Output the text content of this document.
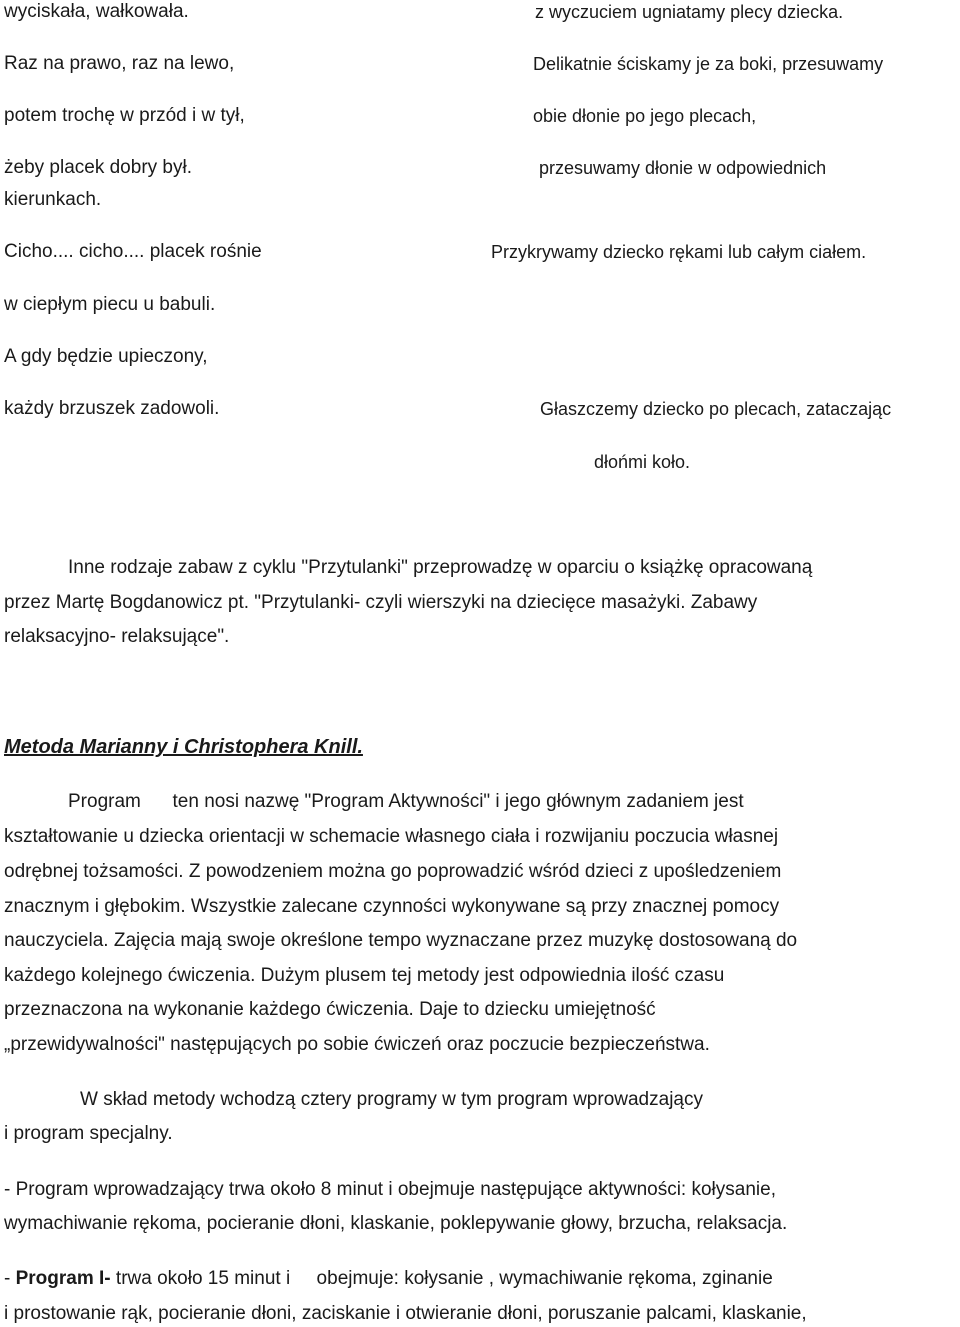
wyciskała, wałkowała.
Raz na prawo, raz na lewo,
potem trochę w przód i w tył,
żeby placek dobry był.
kierunkach.
Cicho.... cicho.... placek rośnie
w ciepłym piecu u babuli.
A gdy będzie upieczony,
każdy brzuszek zadowoli.
z wyczuciem ugniatamy plecy dziecka.
Delikatnie ściskamy je za boki, przesuwamy
obie dłonie po jego plecach,
przesuwamy dłonie w odpowiednich
Przykrywamy dziecko rękami lub całym ciałem.
Głaszczemy dziecko po plecach, zataczając
dłońmi koło.
Inne rodzaje zabaw z cyklu "Przytulanki" przeprowadzę w oparciu o książkę opracowaną
przez Martę Bogdanowicz pt. "Przytulanki- czyli wierszyki na dziecięce masażyki. Zabawy
relaksacyjno- relaksujące".
Metoda Marianny i Christophera Knill.
Program      ten nosi nazwę "Program Aktywności" i jego głównym zadaniem jest
kształtowanie u dziecka orientacji w schemacie własnego ciała i rozwijaniu poczucia własnej
odrębnej tożsamości. Z powodzeniem można go poprowadzić wśród dzieci z upośledzeniem
znacznym i głębokim. Wszystkie zalecane czynności wykonywane są przy znacznej pomocy
nauczyciela. Zajęcia mają swoje określone tempo wyznaczane przez muzykę dostosowaną do
każdego kolejnego ćwiczenia. Dużym plusem tej metody jest odpowiednia ilość czasu
przeznaczona na wykonanie każdego ćwiczenia. Daje to dziecku umiejętność
„przewidywalności" następujących po sobie ćwiczeń oraz poczucie bezpieczeństwa.
W skład metody wchodzą cztery programy w tym program wprowadzający
i program specjalny.
- Program wprowadzający trwa około 8 minut i obejmuje następujące aktywności: kołysanie,
wymachiwanie rękoma, pocieranie dłoni, klaskanie, poklepywanie głowy, brzucha, relaksacja.
- Program I- trwa około 15 minut i     obejmuje: kołysanie , wymachiwanie rękoma, zginanie
i prostowanie rąk, pocieranie dłoni, zaciskanie i otwieranie dłoni, poruszanie palcami, klaskanie,
